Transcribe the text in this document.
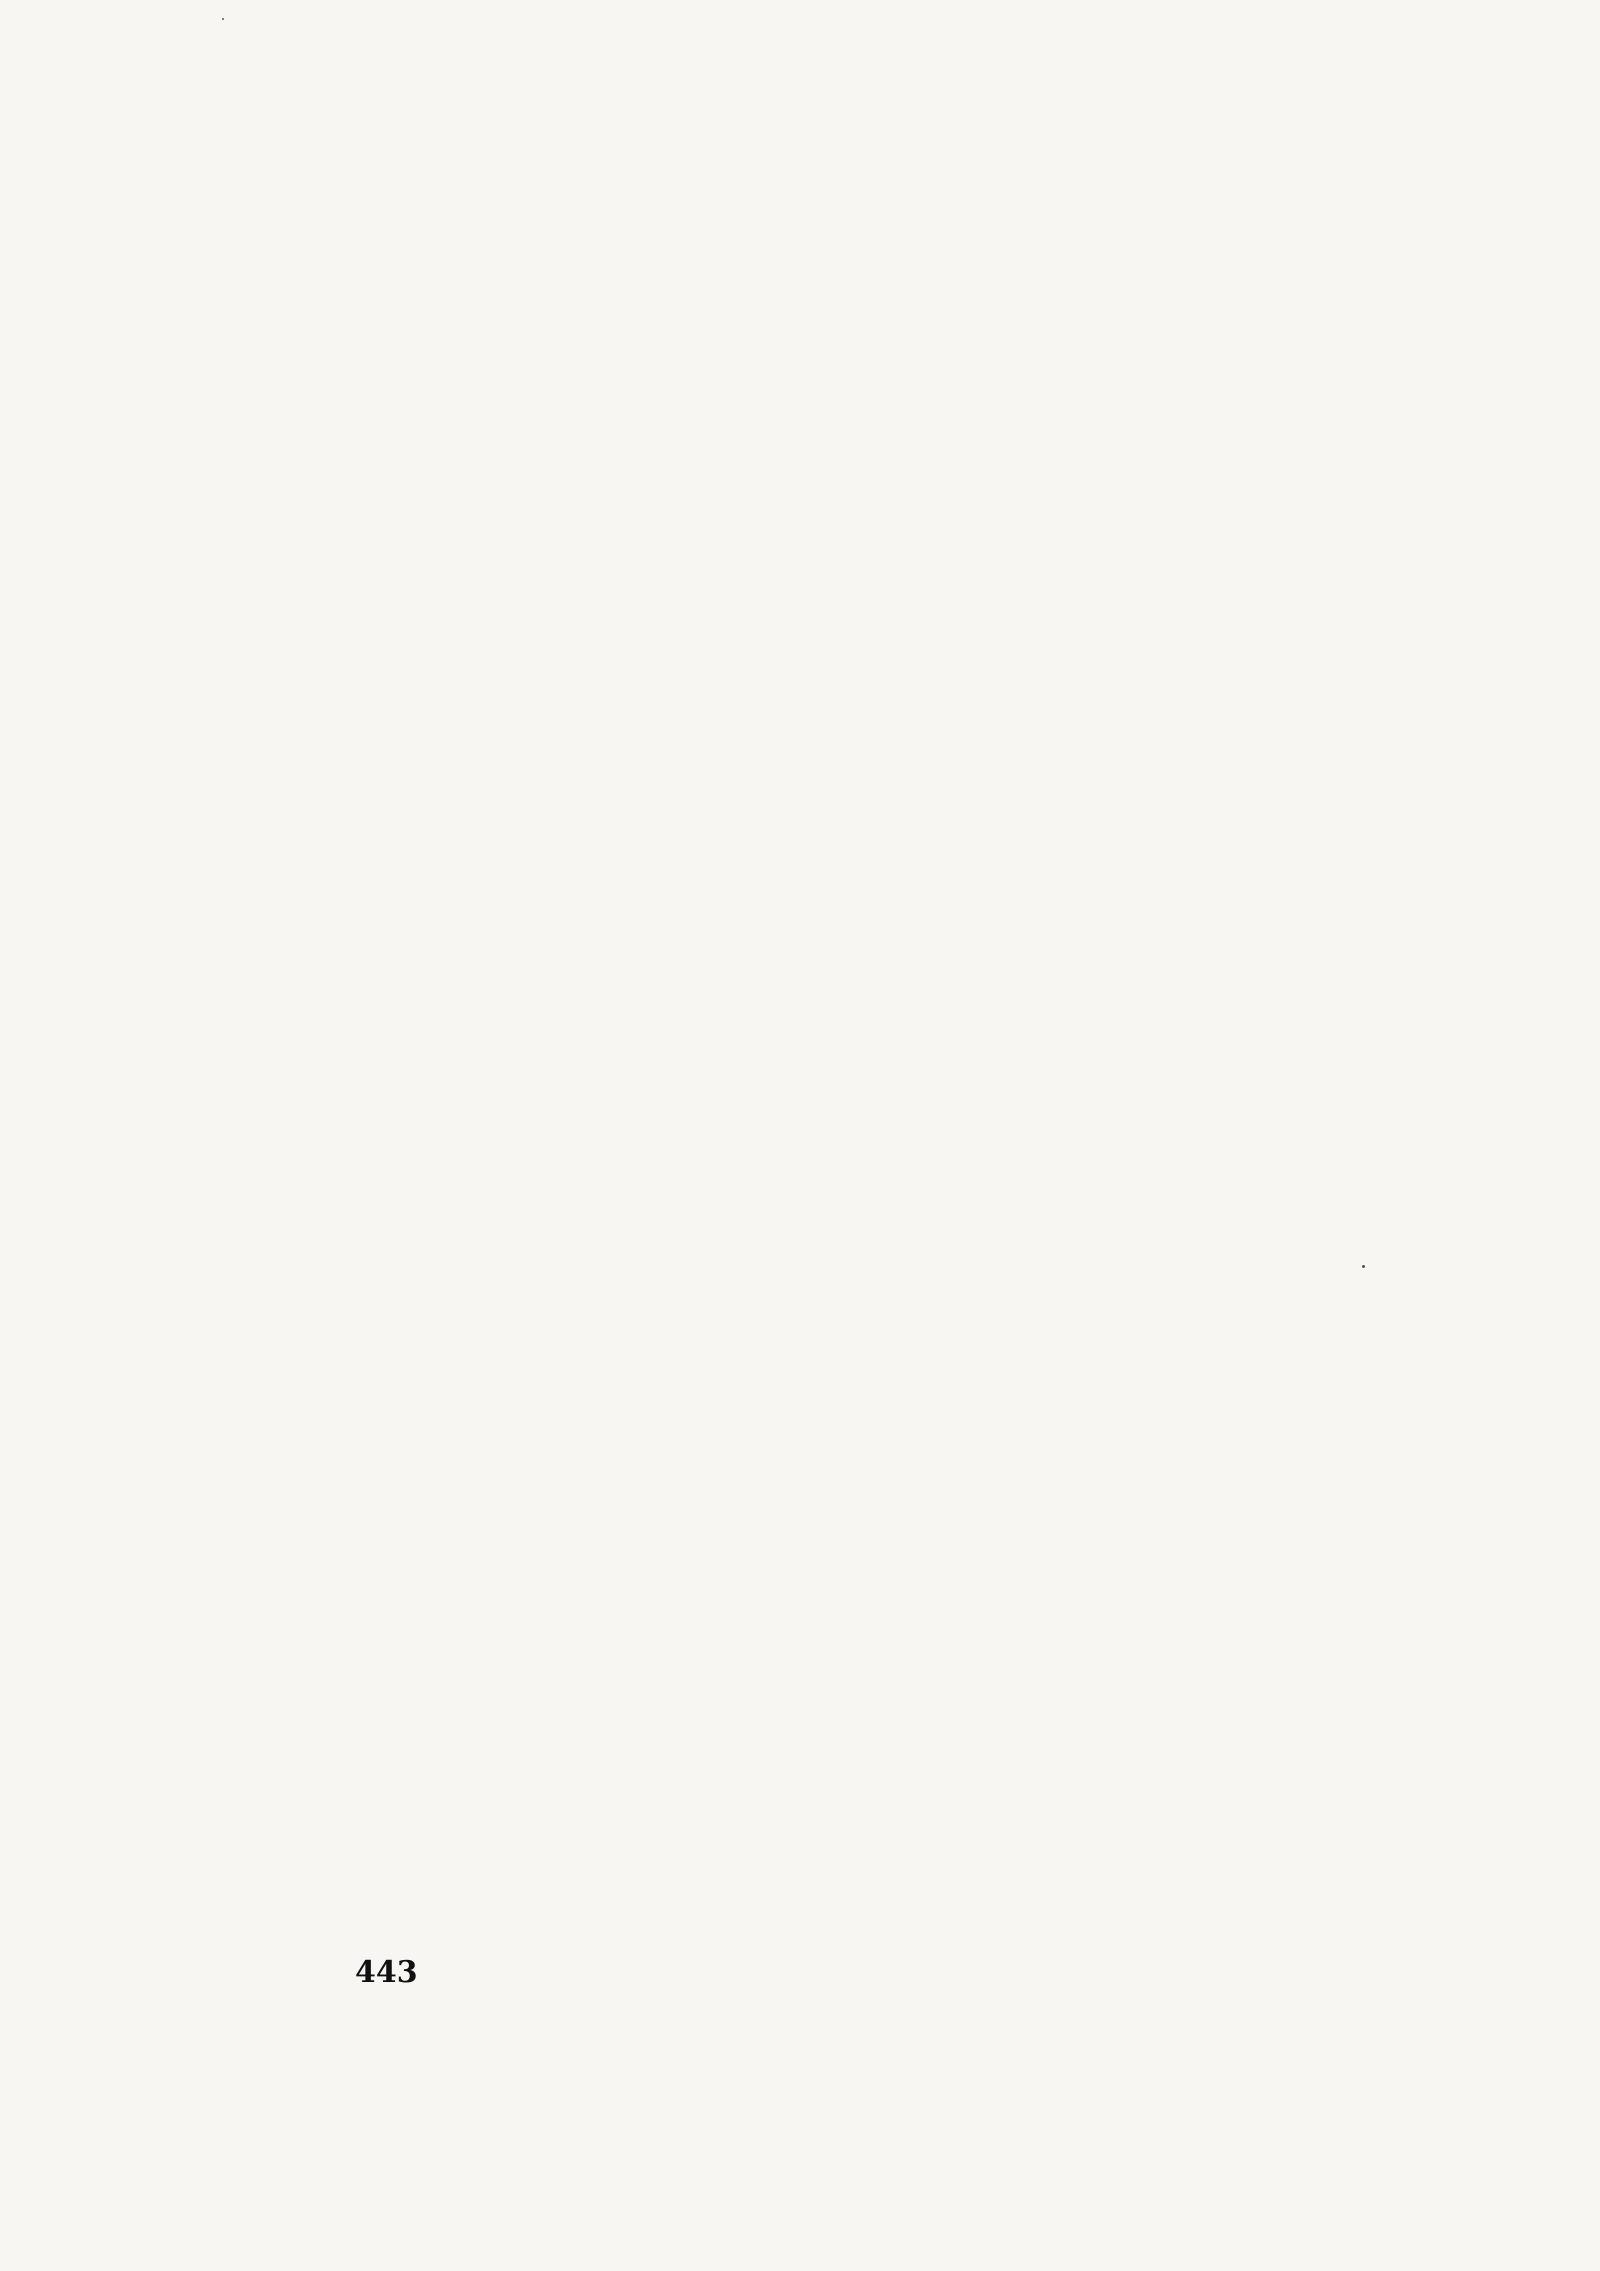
443
